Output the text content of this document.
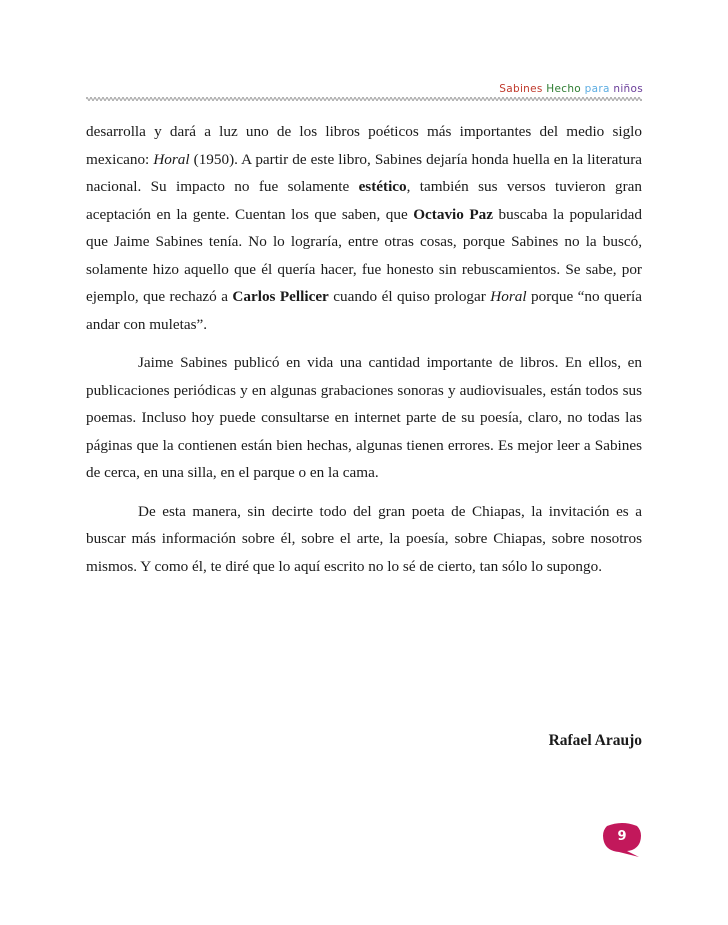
Sabines Hecho para niños

desarrolla y dará a luz uno de los libros poéticos más importantes del medio siglo mexicano: Horal (1950). A partir de este libro, Sabines dejaría honda huella en la literatura nacional. Su impacto no fue solamente estético, también sus versos tuvieron gran aceptación en la gente. Cuentan los que saben, que Octavio Paz buscaba la popularidad que Jaime Sabines tenía. No lo lograría, entre otras cosas, porque Sabines no la buscó, solamente hizo aquello que él quería hacer, fue honesto sin rebuscamientos. Se sabe, por ejemplo, que rechazó a Carlos Pellicer cuando él quiso prologar Horal porque “no quería andar con muletas”.

Jaime Sabines publicó en vida una cantidad importante de libros. En ellos, en publicaciones periódicas y en algunas grabaciones sonoras y audiovisuales, están todos sus poemas. Incluso hoy puede consultarse en internet parte de su poesía, claro, no todas las páginas que la contienen están bien hechas, algunas tienen errores. Es mejor leer a Sabines de cerca, en una silla, en el parque o en la cama.

De esta manera, sin decirte todo del gran poeta de Chiapas, la invitación es a buscar más información sobre él, sobre el arte, la poesía, sobre Chiapas, sobre nosotros mismos. Y como él, te diré que lo aquí escrito no lo sé de cierto, tan sólo lo supongo.

Rafael Araujo
9
